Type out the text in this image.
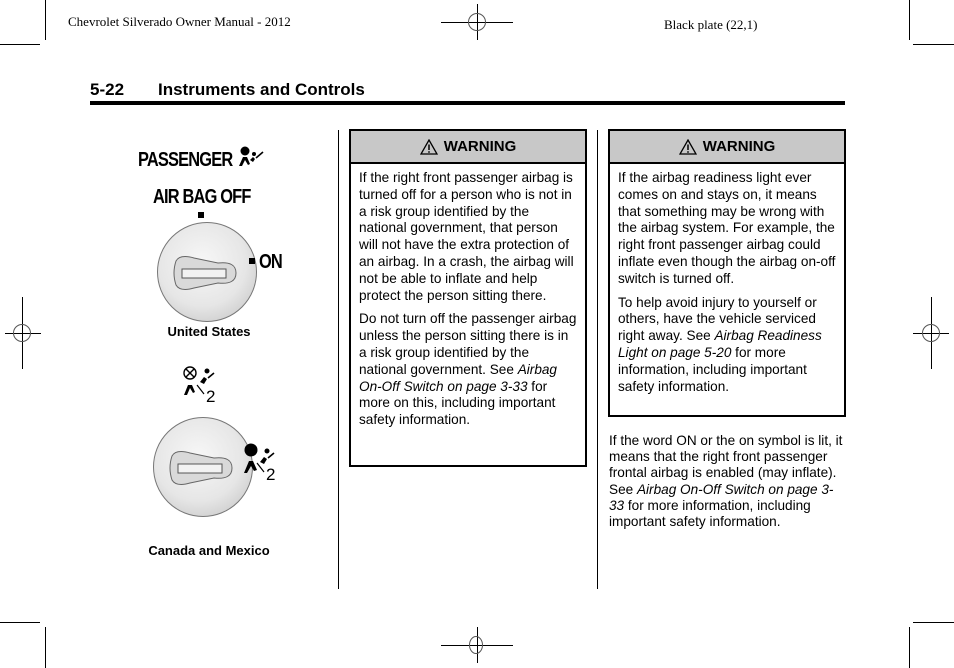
Chevrolet Silverado Owner Manual - 2012	Black plate (22,1)
5-22 Instruments and Controls
PASSENGER
AIR BAG OFF
ON
United States
2
2
Canada and Mexico
WARNING

If the right front passenger airbag is turned off for a person who is not in a risk group identified by the national government, that person will not have the extra protection of an airbag. In a crash, the airbag will not be able to inflate and help protect the person sitting there.

Do not turn off the passenger airbag unless the person sitting there is in a risk group identified by the national government. See Airbag On-Off Switch on page 3-33 for more on this, including important safety information.

WARNING

If the airbag readiness light ever comes on and stays on, it means that something may be wrong with the airbag system. For example, the right front passenger airbag could inflate even though the airbag on-off switch is turned off.

To help avoid injury to yourself or others, have the vehicle serviced right away. See Airbag Readiness Light on page 5-20 for more information, including important safety information.

If the word ON or the on symbol is lit, it means that the right front passenger frontal airbag is enabled (may inflate). See Airbag On-Off Switch on page 3-33 for more information, including important safety information.
